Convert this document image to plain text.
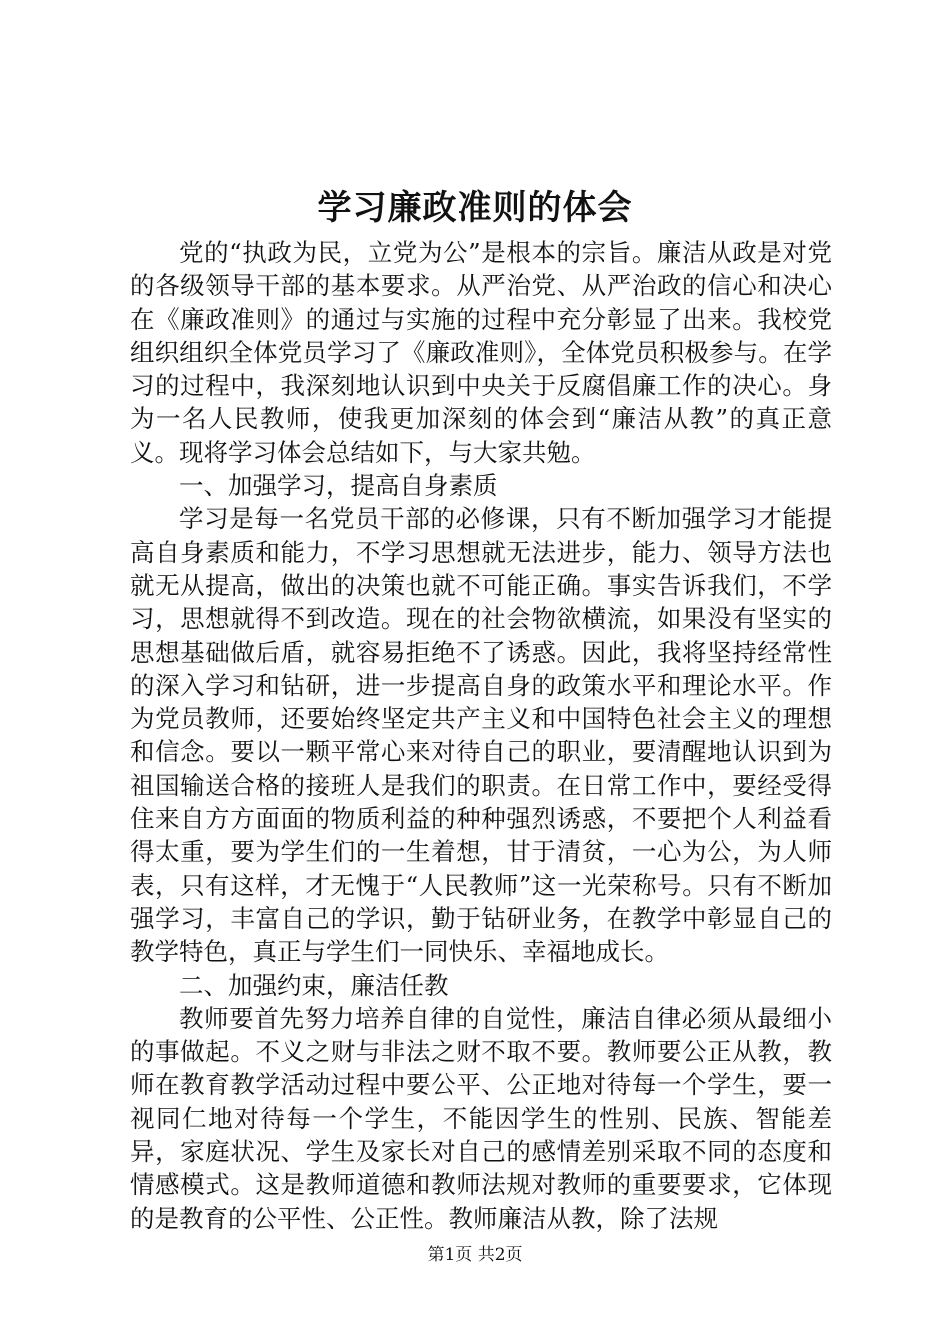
学习廉政准则的体会

党的“执政为民，立党为公”是根本的宗旨。廉洁从政是对党的各级领导干部的基本要求。从严治党、从严治政的信心和决心在《廉政准则》的通过与实施的过程中充分彰显了出来。我校党组织组织全体党员学习了《廉政准则》，全体党员积极参与。在学习的过程中，我深刻地认识到中央关于反腐倡廉工作的决心。身为一名人民教师，使我更加深刻的体会到“廉洁从教”的真正意义。现将学习体会总结如下，与大家共勉。

一、加强学习，提高自身素质

学习是每一名党员干部的必修课，只有不断加强学习才能提高自身素质和能力，不学习思想就无法进步，能力、领导方法也就无从提高，做出的决策也就不可能正确。事实告诉我们，不学习，思想就得不到改造。现在的社会物欲横流，如果没有坚实的思想基础做后盾，就容易拒绝不了诱惑。因此，我将坚持经常性的深入学习和钻研，进一步提高自身的政策水平和理论水平。作为党员教师，还要始终坚定共产主义和中国特色社会主义的理想和信念。要以一颗平常心来对待自己的职业，要清醒地认识到为祖国输送合格的接班人是我们的职责。在日常工作中，要经受得住来自方方面面的物质利益的种种强烈诱惑，不要把个人利益看得太重，要为学生们的一生着想，甘于清贫，一心为公，为人师表，只有这样，才无愧于“人民教师”这一光荣称号。只有不断加强学习，丰富自己的学识，勤于钻研业务，在教学中彰显自己的教学特色，真正与学生们一同快乐、幸福地成长。

二、加强约束，廉洁任教

教师要首先努力培养自律的自觉性，廉洁自律必须从最细小的事做起。不义之财与非法之财不取不要。教师要公正从教，教师在教育教学活动过程中要公平、公正地对待每一个学生，要一视同仁地对待每一个学生，不能因学生的性别、民族、智能差异，家庭状况、学生及家长对自己的感情差别采取不同的态度和情感模式。这是教师道德和教师法规对教师的重要要求，它体现的是教育的公平性、公正性。教师廉洁从教，除了法规

第1页 共2页
